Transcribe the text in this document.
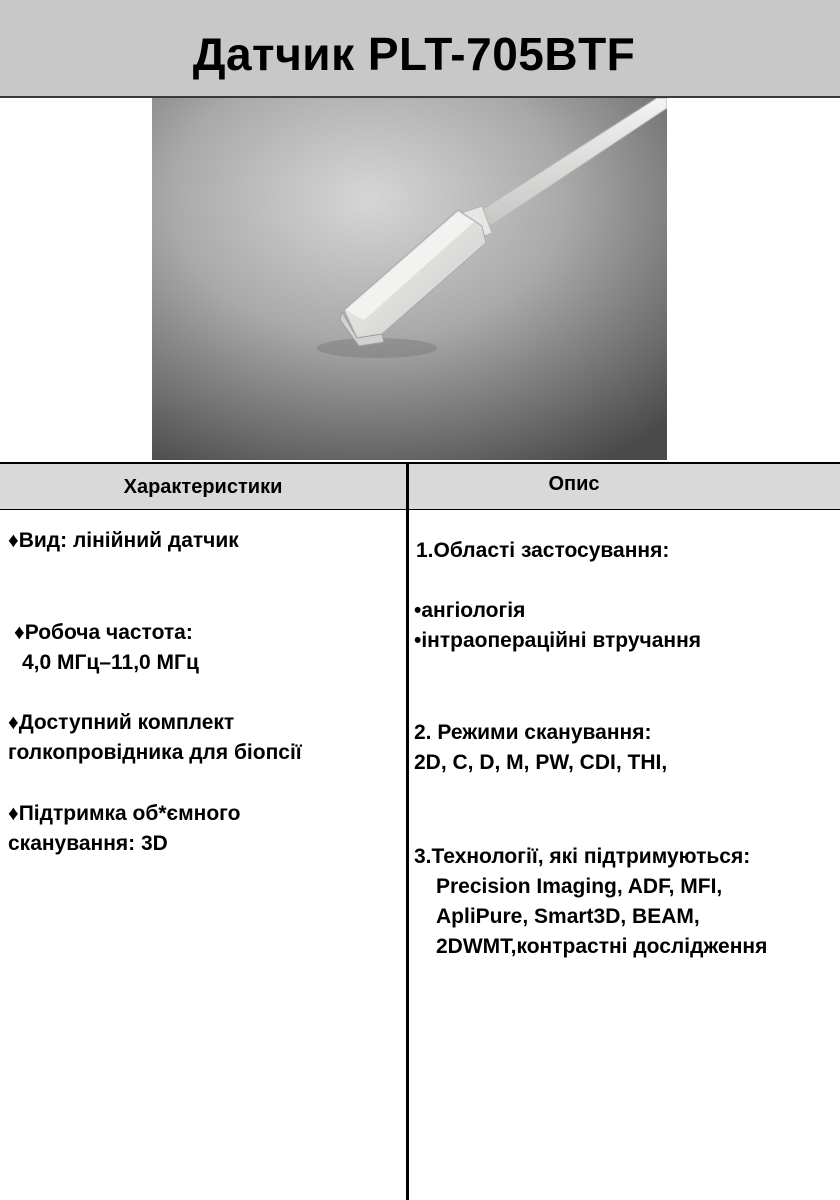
Датчик PLT-705BTF
Характеристики	Опис

♦Вид: лінійний датчик

♦Робоча частота:

4,0 МГц–11,0 МГц

♦Доступний комплект

голкопровідника для біопсії

♦Підтримка об*ємного

сканування: 3D

1.Області застосування:

•ангіологія

•інтраопераційні втручання

2. Режими сканування:

2D, C, D, M, PW, CDI, THI,

3.Технології, які підтримуються:

Precision Imaging, ADF, MFI,

ApliPure, Smart3D, BEAM,

2DWMT,контрастні дослідження
